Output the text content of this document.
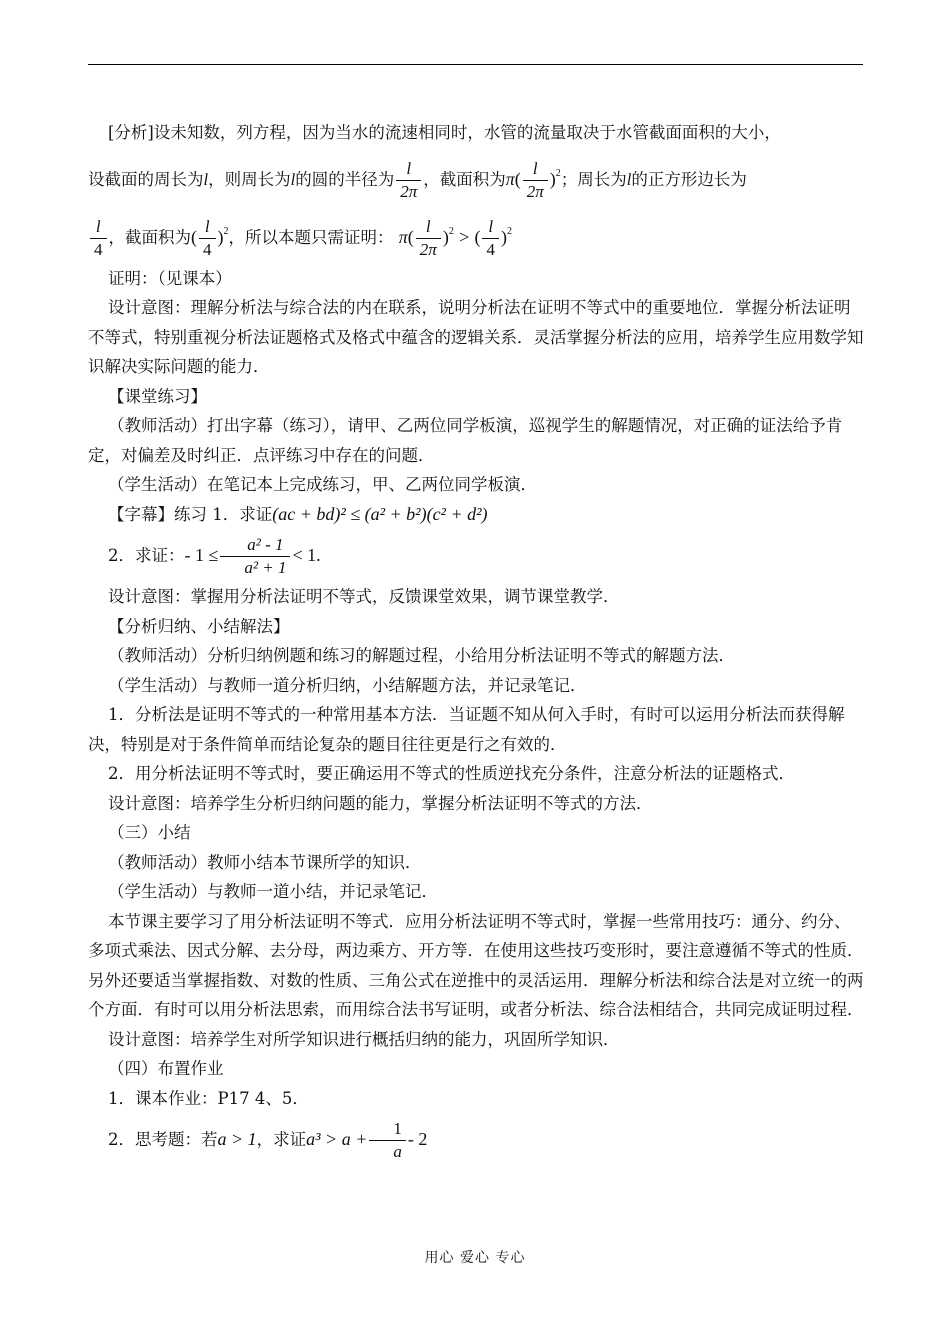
[分析]设未知数，列方程，因为当水的流速相同时，水管的流量取决于水管截面面积的大小，

设截面的周长为l，则周长为l的圆的半径为 $\frac{l}{2\pi}$ ，截面积为$\pi( \frac{l}{2\pi} )^2$；周长为l的正方形边长为

$\frac{l}{4}$ ，截面积为( $\frac{l}{4} )^2$，所以本题只需证明： $\pi( \frac{l}{2\pi} )^2$ > ( $\frac{l}{4} )^2$

证明：（见课本）

设计意图：理解分析法与综合法的内在联系，说明分析法在证明不等式中的重要地位．掌握分析法证明不等式，特别重视分析法证题格式及格式中蕴含的逻辑关系．灵活掌握分析法的应用，培养学生应用数学知识解决实际问题的能力．

【课堂练习】

（教师活动）打出字幕（练习），请甲、乙两位同学板演，巡视学生的解题情况，对正确的证法给予肯定，对偏差及时纠正．点评练习中存在的问题．

（学生活动）在笔记本上完成练习，甲、乙两位同学板演．

【字幕】练习 1．求证(ac + bd)² ≤ (a² + b²)(c² + d²)

2．求证：- $1 \le \frac{\text{a² - 1}}{\text{a² + 1}} < 1$.

设计意图：掌握用分析法证明不等式，反馈课堂效果，调节课堂教学．

【分析归纳、小结解法】

（教师活动）分析归纳例题和练习的解题过程，小给用分析法证明不等式的解题方法．

（学生活动）与教师一道分析归纳，小结解题方法，并记录笔记．

1．分析法是证明不等式的一种常用基本方法．当证题不知从何入手时，有时可以运用分析法而获得解决，特别是对于条件简单而结论复杂的题目往往更是行之有效的．

2．用分析法证明不等式时，要正确运用不等式的性质逆找充分条件，注意分析法的证题格式．

设计意图：培养学生分析归纳问题的能力，掌握分析法证明不等式的方法．

（三）小结

（教师活动）教师小结本节课所学的知识．

（学生活动）与教师一道小结，并记录笔记．

本节课主要学习了用分析法证明不等式．应用分析法证明不等式时，掌握一些常用技巧：通分、约分、多项式乘法、因式分解、去分母，两边乘方、开方等．在使用这些技巧变形时，要注意遵循不等式的性质．另外还要适当掌握指数、对数的性质、三角公式在逆推中的灵活运用．理解分析法和综合法是对立统一的两个方面．有时可以用分析法思索，而用综合法书写证明，或者分析法、综合法相结合，共同完成证明过程．

设计意图：培养学生对所学知识进行概括归纳的能力，巩固所学知识．

（四）布置作业

1．课本作业：P17 4、5．

2．思考题：若a > 1，求证$a^3 > a + \frac{1}{a} - 2$

用心 爱心 专心
